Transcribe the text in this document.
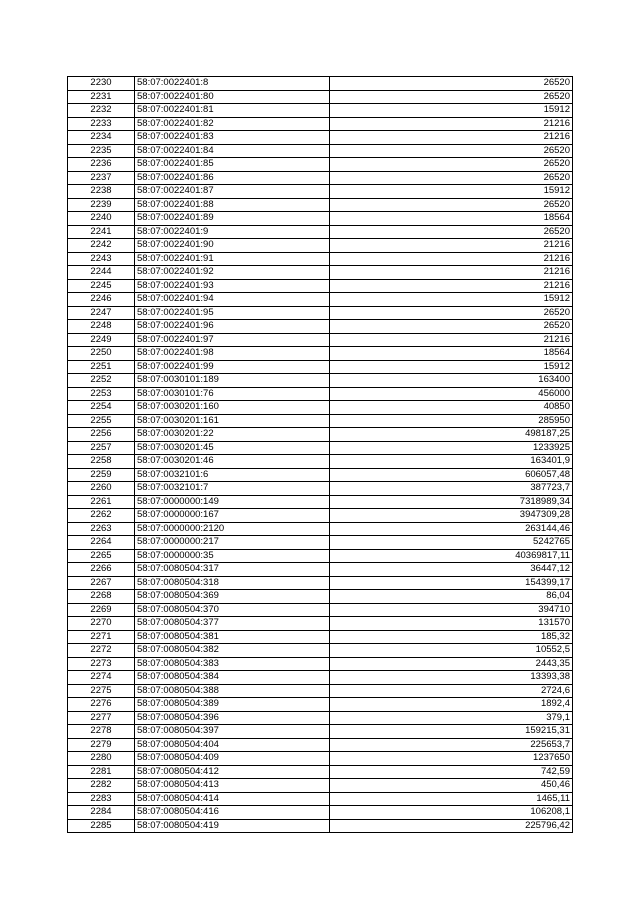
2230	58:07:0022401:8	26520
2231	58:07:0022401:80	26520
2232	58:07:0022401:81	15912
2233	58:07:0022401:82	21216
2234	58:07:0022401:83	21216
2235	58:07:0022401:84	26520
2236	58:07:0022401:85	26520
2237	58:07:0022401:86	26520
2238	58:07:0022401:87	15912
2239	58:07:0022401:88	26520
2240	58:07:0022401:89	18564
2241	58:07:0022401:9	26520
2242	58:07:0022401:90	21216
2243	58:07:0022401:91	21216
2244	58:07:0022401:92	21216
2245	58:07:0022401:93	21216
2246	58:07:0022401:94	15912
2247	58:07:0022401:95	26520
2248	58:07:0022401:96	26520
2249	58:07:0022401:97	21216
2250	58:07:0022401:98	18564
2251	58:07:0022401:99	15912
2252	58:07:0030101:189	163400
2253	58:07:0030101:76	456000
2254	58:07:0030201:160	40850
2255	58:07:0030201:161	285950
2256	58:07:0030201:22	498187,25
2257	58:07:0030201:45	1233925
2258	58:07:0030201:46	163401,9
2259	58:07:0032101:6	606057,48
2260	58:07:0032101:7	387723,7
2261	58:07:0000000:149	7318989,34
2262	58:07:0000000:167	3947309,28
2263	58:07:0000000:2120	263144,46
2264	58:07:0000000:217	5242765
2265	58:07:0000000:35	40369817,11
2266	58:07:0080504:317	36447,12
2267	58:07:0080504:318	154399,17
2268	58:07:0080504:369	86,04
2269	58:07:0080504:370	394710
2270	58:07:0080504:377	131570
2271	58:07:0080504:381	185,32
2272	58:07:0080504:382	10552,5
2273	58:07:0080504:383	2443,35
2274	58:07:0080504:384	13393,38
2275	58:07:0080504:388	2724,6
2276	58:07:0080504:389	1892,4
2277	58:07:0080504:396	379,1
2278	58:07:0080504:397	159215,31
2279	58:07:0080504:404	225653,7
2280	58:07:0080504:409	1237650
2281	58:07:0080504:412	742,59
2282	58:07:0080504:413	450,46
2283	58:07:0080504:414	1465,11
2284	58:07:0080504:416	106208,1
2285	58:07:0080504:419	225796,42
